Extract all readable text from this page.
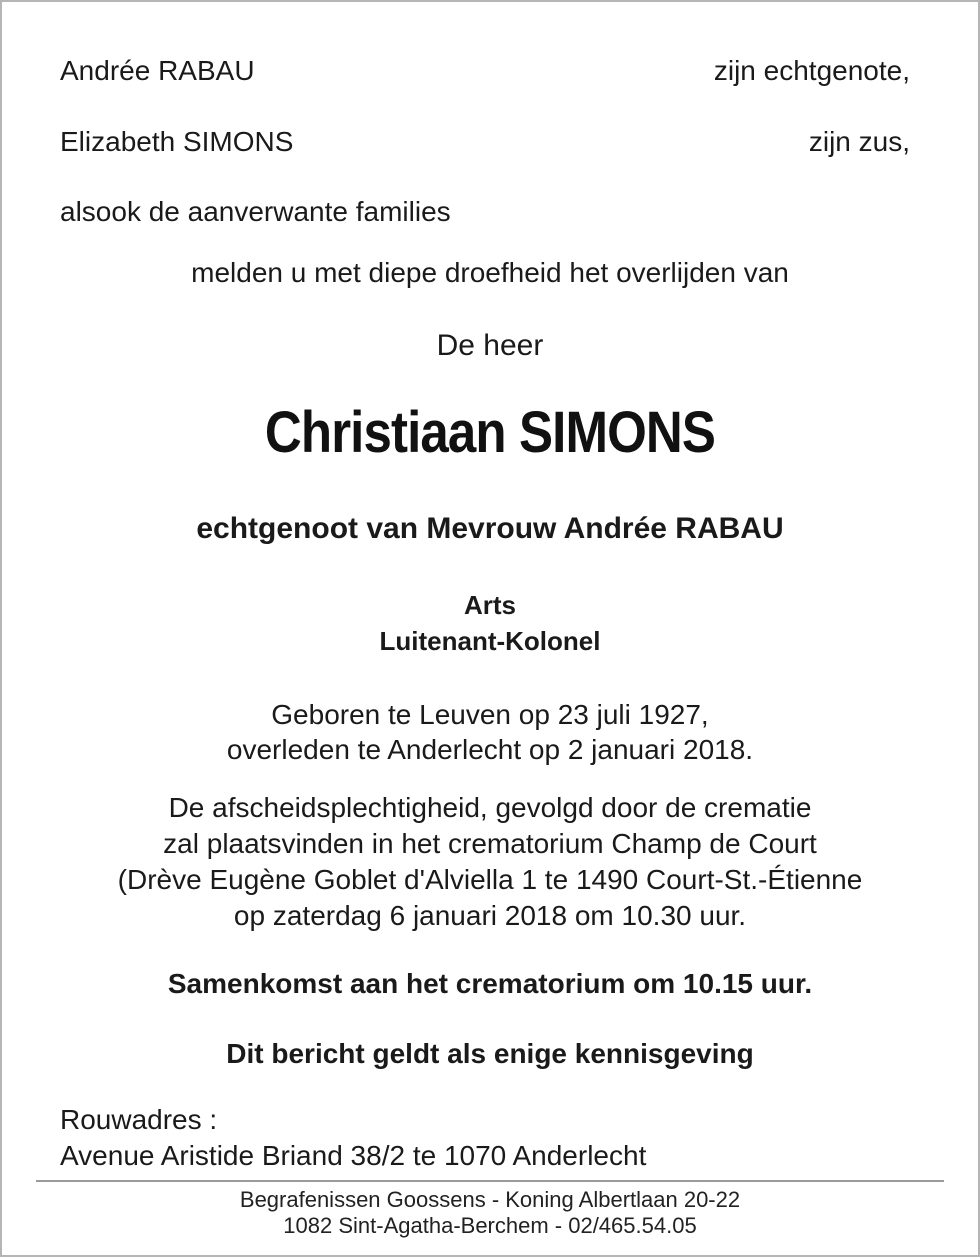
Andrée RABAU	zijn echtgenote,
Elizabeth SIMONS	zijn zus,
alsook de aanverwante families
melden u met diepe droefheid het overlijden van
De heer
Christiaan SIMONS
echtgenoot van Mevrouw Andrée RABAU
Arts
Luitenant-Kolonel
Geboren te Leuven op 23 juli 1927,
overleden te Anderlecht op 2 januari 2018.
De afscheidsplechtigheid, gevolgd door de crematie
zal plaatsvinden in het crematorium Champ de Court
(Drève Eugène Goblet d'Alviella 1 te 1490 Court-St.-Étienne
op zaterdag 6 januari 2018 om 10.30 uur.
Samenkomst aan het crematorium om 10.15 uur.
Dit bericht geldt als enige kennisgeving
Rouwadres :
Avenue Aristide Briand 38/2 te 1070 Anderlecht
Begrafenissen Goossens - Koning Albertlaan 20-22
1082 Sint-Agatha-Berchem - 02/465.54.05
